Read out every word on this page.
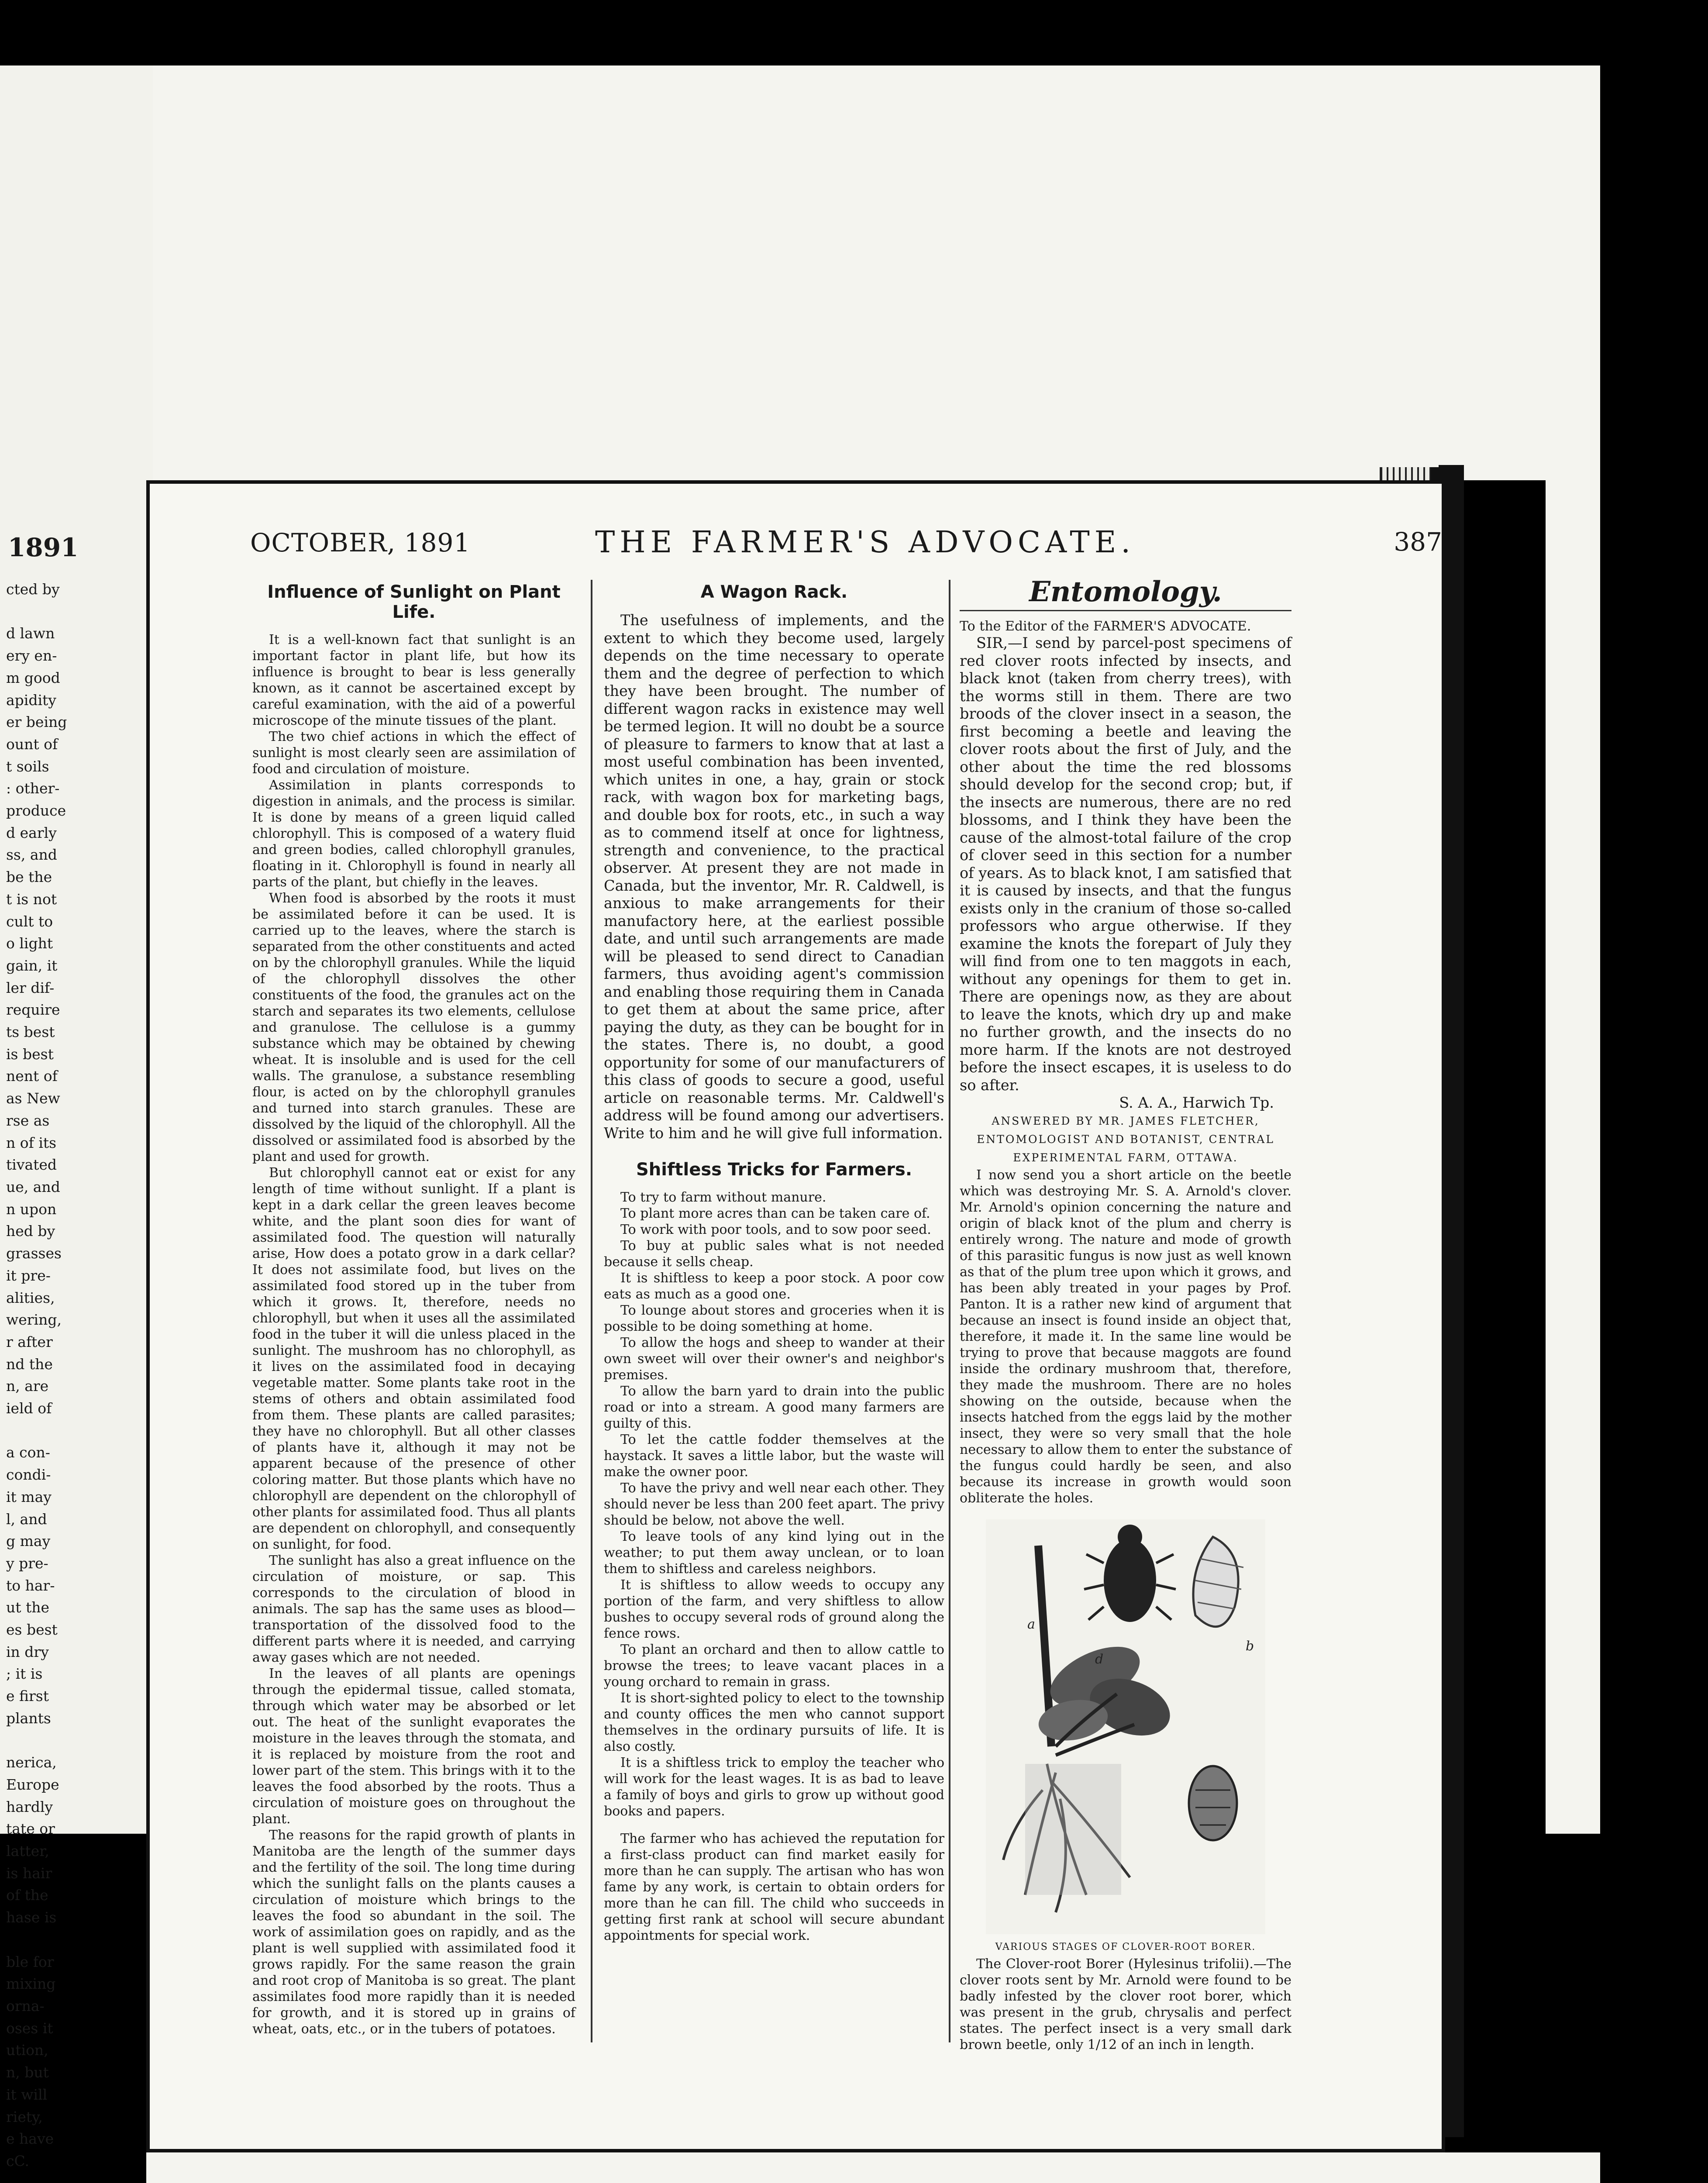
1891
cted by

d lawn
ery en-
m good
apidity
er being
ount of
t soils
: other-
produce
d early
ss, and
be the
t is not
cult to
o light
gain, it
ler dif-
require
ts best
is best
nent of
as New
rse as
n of its
tivated
ue, and
n upon
hed by
grasses
it pre-
alities,
wering,
r after
nd the
n, are
ield of

a con-
condi-
it may
l, and
g may
y pre-
to har-
ut the
es best
in dry
; it is
e first
plants

nerica,
Europe
hardly
tate or
latter,
is hair
of the
hase is

ble for
mixing
orna-
oses it
ution,
n, but
it will
riety,
e have
cC.

OCTOBER, 1891	THE FARMER'S ADVOCATE.	387
Influence of Sunlight on Plant Life.

It is a well-known fact that sunlight is an important factor in plant life, but how its influence is brought to bear is less generally known, as it cannot be ascertained except by careful examination, with the aid of a powerful microscope of the minute tissues of the plant.

The two chief actions in which the effect of sunlight is most clearly seen are assimilation of food and circulation of moisture.

Assimilation in plants corresponds to digestion in animals, and the process is similar. It is done by means of a green liquid called chlorophyll. This is composed of a watery fluid and green bodies, called chlorophyll granules, floating in it. Chlorophyll is found in nearly all parts of the plant, but chiefly in the leaves.

When food is absorbed by the roots it must be assimilated before it can be used. It is carried up to the leaves, where the starch is separated from the other constituents and acted on by the chlorophyll granules. While the liquid of the chlorophyll dissolves the other constituents of the food, the granules act on the starch and separates its two elements, cellulose and granulose. The cellulose is a gummy substance which may be obtained by chewing wheat. It is insoluble and is used for the cell walls. The granulose, a substance resembling flour, is acted on by the chlorophyll granules and turned into starch granules. These are dissolved by the liquid of the chlorophyll. All the dissolved or assimilated food is absorbed by the plant and used for growth.

But chlorophyll cannot eat or exist for any length of time without sunlight. If a plant is kept in a dark cellar the green leaves become white, and the plant soon dies for want of assimilated food. The question will naturally arise, How does a potato grow in a dark cellar? It does not assimilate food, but lives on the assimilated food stored up in the tuber from which it grows. It, therefore, needs no chlorophyll, but when it uses all the assimilated food in the tuber it will die unless placed in the sunlight. The mushroom has no chlorophyll, as it lives on the assimilated food in decaying vegetable matter. Some plants take root in the stems of others and obtain assimilated food from them. These plants are called parasites; they have no chlorophyll. But all other classes of plants have it, although it may not be apparent because of the presence of other coloring matter. But those plants which have no chlorophyll are dependent on the chlorophyll of other plants for assimilated food. Thus all plants are dependent on chlorophyll, and consequently on sunlight, for food.

The sunlight has also a great influence on the circulation of moisture, or sap. This corresponds to the circulation of blood in animals. The sap has the same uses as blood—transportation of the dissolved food to the different parts where it is needed, and carrying away gases which are not needed.

In the leaves of all plants are openings through the epidermal tissue, called stomata, through which water may be absorbed or let out. The heat of the sunlight evaporates the moisture in the leaves through the stomata, and it is replaced by moisture from the root and lower part of the stem. This brings with it to the leaves the food absorbed by the roots. Thus a circulation of moisture goes on throughout the plant.

The reasons for the rapid growth of plants in Manitoba are the length of the summer days and the fertility of the soil. The long time during which the sunlight falls on the plants causes a circulation of moisture which brings to the leaves the food so abundant in the soil. The work of assimilation goes on rapidly, and as the plant is well supplied with assimilated food it grows rapidly. For the same reason the grain and root crop of Manitoba is so great. The plant assimilates food more rapidly than it is needed for growth, and it is stored up in grains of wheat, oats, etc., or in the tubers of potatoes.

A Wagon Rack.

The usefulness of implements, and the extent to which they become used, largely depends on the time necessary to operate them and the degree of perfection to which they have been brought. The number of different wagon racks in existence may well be termed legion. It will no doubt be a source of pleasure to farmers to know that at last a most useful combination has been invented, which unites in one, a hay, grain or stock rack, with wagon box for marketing bags, and double box for roots, etc., in such a way as to commend itself at once for lightness, strength and convenience, to the practical observer. At present they are not made in Canada, but the inventor, Mr. R. Caldwell, is anxious to make arrangements for their manufactory here, at the earliest possible date, and until such arrangements are made will be pleased to send direct to Canadian farmers, thus avoiding agent's commission and enabling those requiring them in Canada to get them at about the same price, after paying the duty, as they can be bought for in the states. There is, no doubt, a good opportunity for some of our manufacturers of this class of goods to secure a good, useful article on reasonable terms. Mr. Caldwell's address will be found among our advertisers. Write to him and he will give full information.

Shiftless Tricks for Farmers.

To try to farm without manure.

To plant more acres than can be taken care of.

To work with poor tools, and to sow poor seed.

To buy at public sales what is not needed because it sells cheap.

It is shiftless to keep a poor stock. A poor cow eats as much as a good one.

To lounge about stores and groceries when it is possible to be doing something at home.

To allow the hogs and sheep to wander at their own sweet will over their owner's and neighbor's premises.

To allow the barn yard to drain into the public road or into a stream. A good many farmers are guilty of this.

To let the cattle fodder themselves at the haystack. It saves a little labor, but the waste will make the owner poor.

To have the privy and well near each other. They should never be less than 200 feet apart. The privy should be below, not above the well.

To leave tools of any kind lying out in the weather; to put them away unclean, or to loan them to shiftless and careless neighbors.

It is shiftless to allow weeds to occupy any portion of the farm, and very shiftless to allow bushes to occupy several rods of ground along the fence rows.

To plant an orchard and then to allow cattle to browse the trees; to leave vacant places in a young orchard to remain in grass.

It is short-sighted policy to elect to the township and county offices the men who cannot support themselves in the ordinary pursuits of life. It is also costly.

It is a shiftless trick to employ the teacher who will work for the least wages. It is as bad to leave a family of boys and girls to grow up without good books and papers.

The farmer who has achieved the reputation for a first-class product can find market easily for more than he can supply. The artisan who has won fame by any work, is certain to obtain orders for more than he can fill. The child who succeeds in getting first rank at school will secure abundant appointments for special work.

Entomology.

To the Editor of the FARMER'S ADVOCATE.

SIR,—I send by parcel-post specimens of red clover roots infected by insects, and black knot (taken from cherry trees), with the worms still in them. There are two broods of the clover insect in a season, the first becoming a beetle and leaving the clover roots about the first of July, and the other about the time the red blossoms should develop for the second crop; but, if the insects are numerous, there are no red blossoms, and I think they have been the cause of the almost-total failure of the crop of clover seed in this section for a number of years. As to black knot, I am satisfied that it is caused by insects, and that the fungus exists only in the cranium of those so-called professors who argue otherwise. If they examine the knots the forepart of July they will find from one to ten maggots in each, without any openings for them to get in. There are openings now, as they are about to leave the knots, which dry up and make no further growth, and the insects do no more harm. If the knots are not destroyed before the insect escapes, it is useless to do so after.

S. A. A., Harwich Tp.

ANSWERED BY MR. JAMES FLETCHER, ENTOMOLOGIST AND BOTANIST, CENTRAL EXPERIMENTAL FARM, OTTAWA.

I now send you a short article on the beetle which was destroying Mr. S. A. Arnold's clover. Mr. Arnold's opinion concerning the nature and origin of black knot of the plum and cherry is entirely wrong. The nature and mode of growth of this parasitic fungus is now just as well known as that of the plum tree upon which it grows, and has been ably treated in your pages by Prof. Panton. It is a rather new kind of argument that because an insect is found inside an object that, therefore, it made it. In the same line would be trying to prove that because maggots are found inside the ordinary mushroom that, therefore, they made the mushroom. There are no holes showing on the outside, because when the insects hatched from the eggs laid by the mother insect, they were so very small that the hole necessary to allow them to enter the substance of the fungus could hardly be seen, and also because its increase in growth would soon obliterate the holes.

a
b
d

VARIOUS STAGES OF CLOVER-ROOT BORER.

The Clover-root Borer (Hylesinus trifolii).—The clover roots sent by Mr. Arnold were found to be badly infested by the clover root borer, which was present in the grub, chrysalis and perfect states. The perfect insect is a very small dark brown beetle, only 1/12 of an inch in length.
